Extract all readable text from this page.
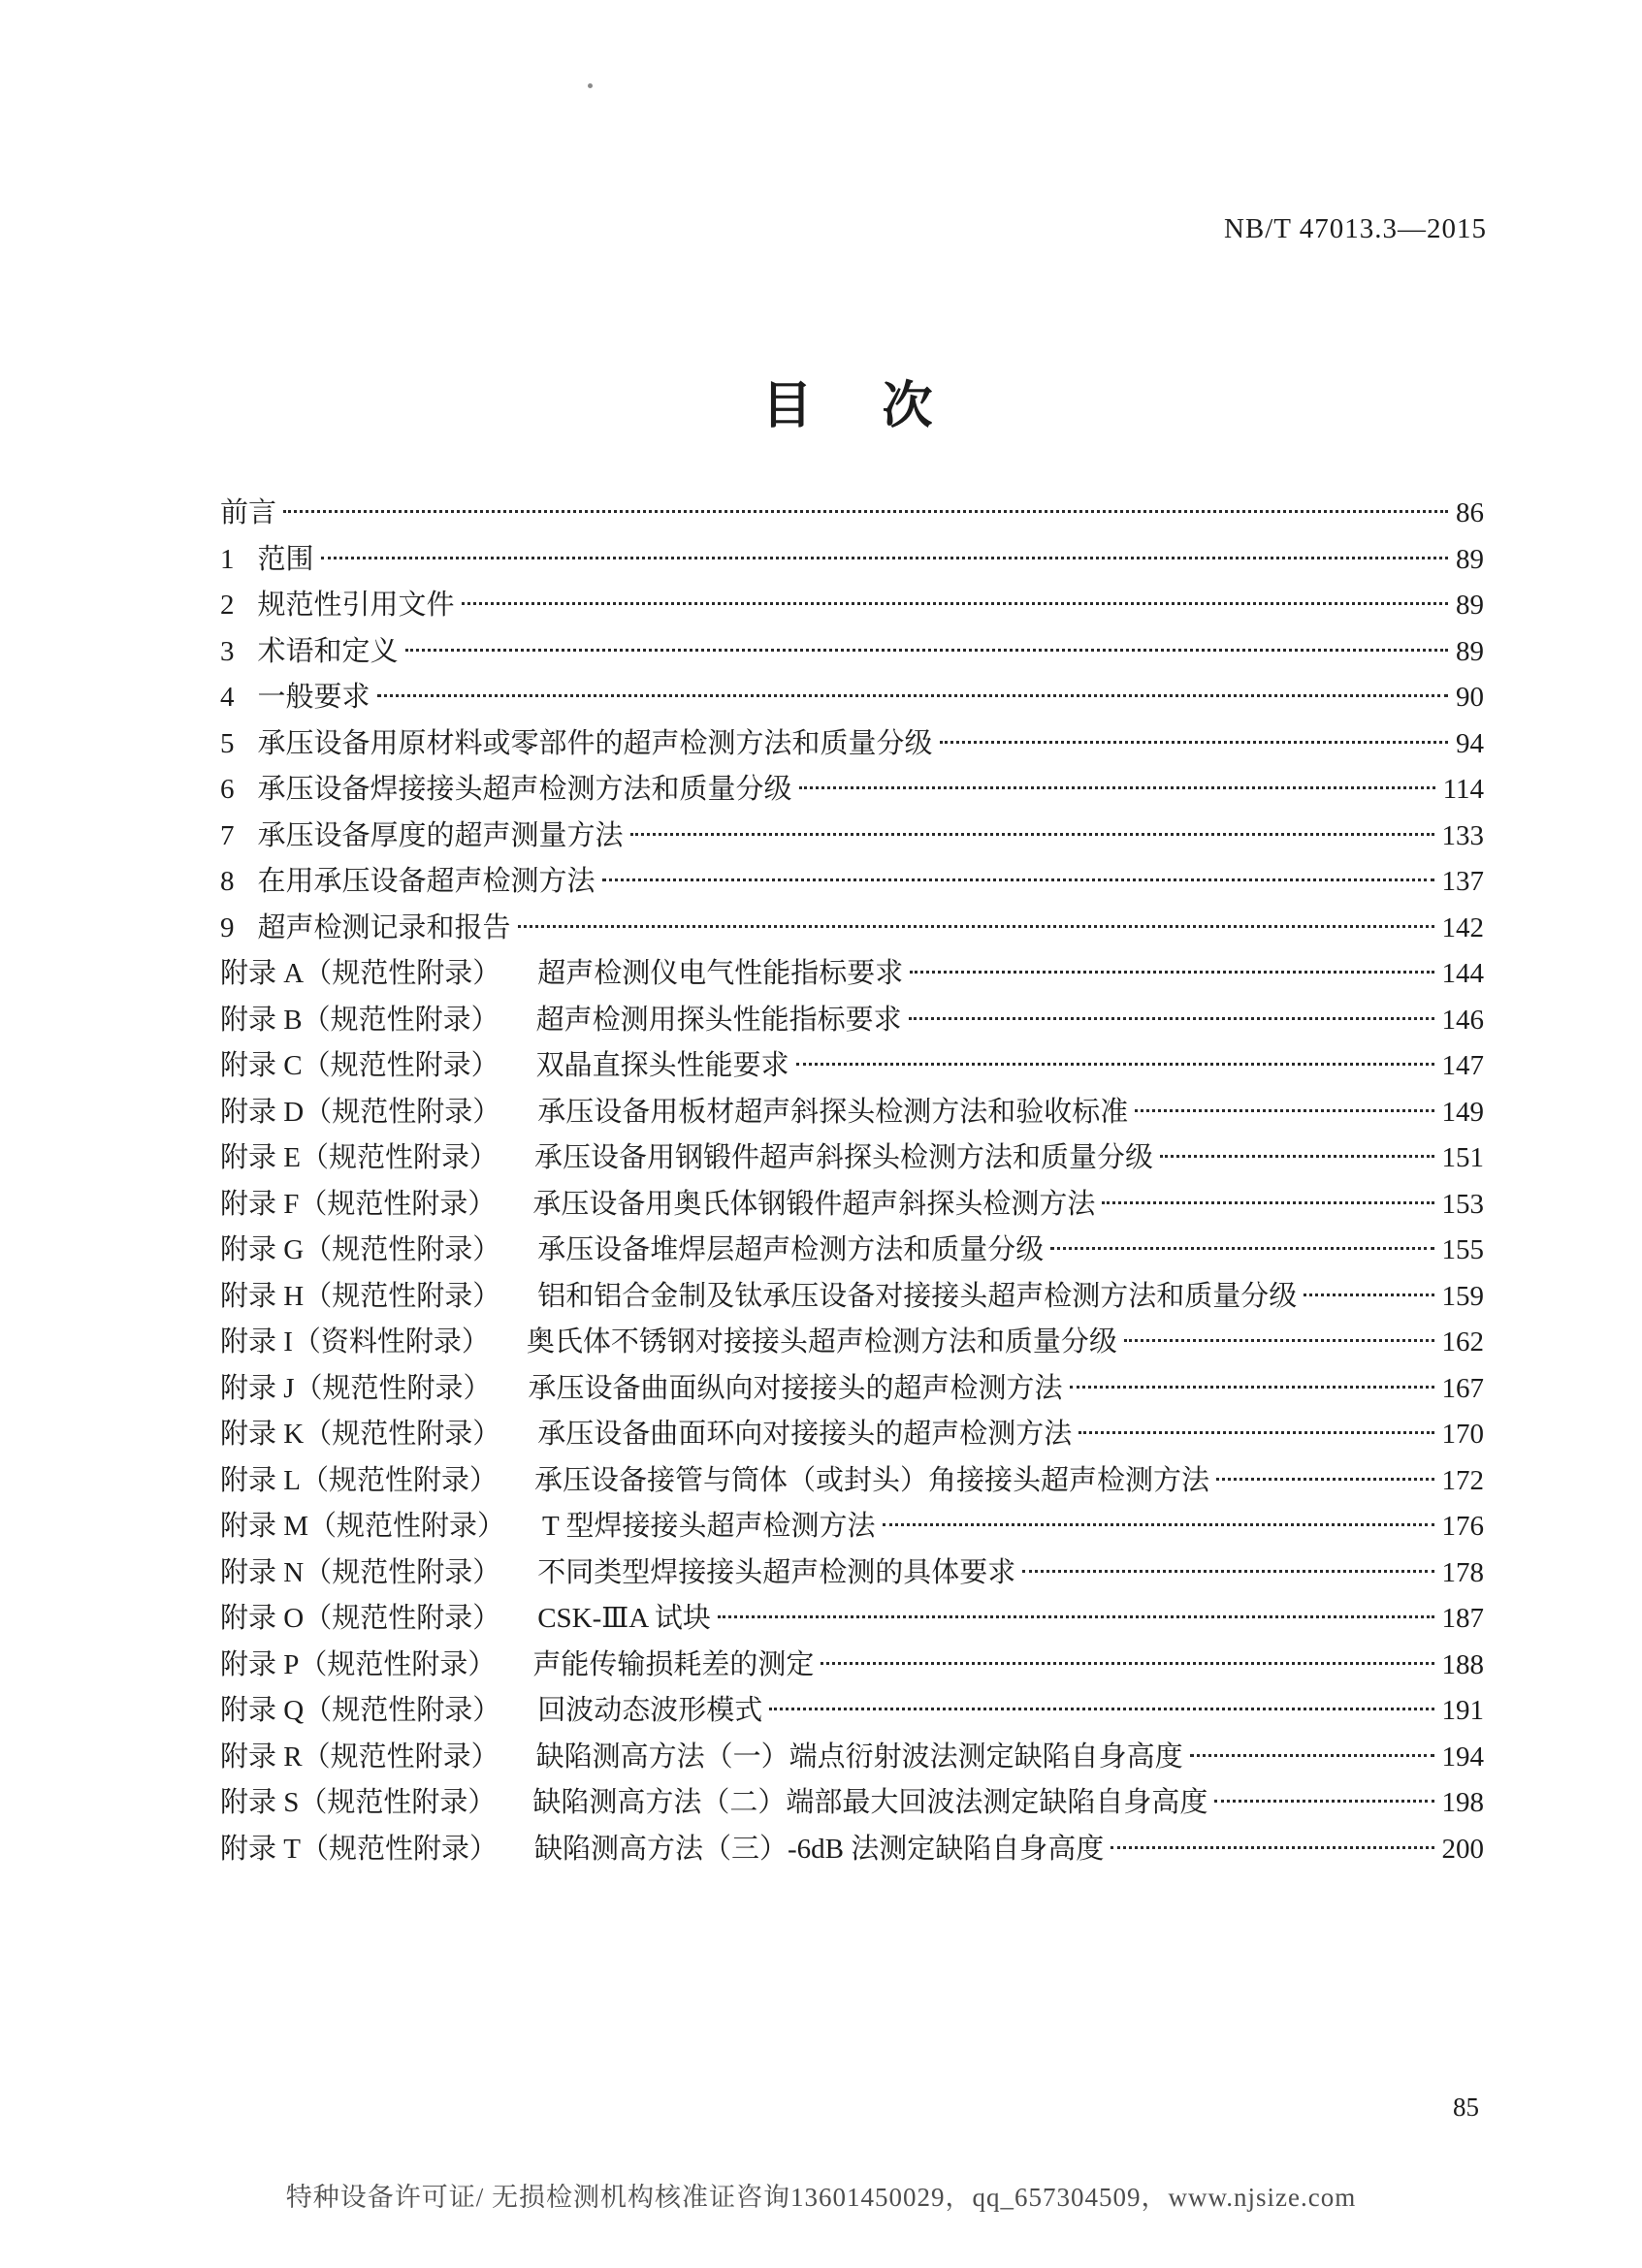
NB/T 47013.3—2015
目　次
前言	86
1 范围	89
2 规范性引用文件	89
3 术语和定义	89
4 一般要求	90
5 承压设备用原材料或零部件的超声检测方法和质量分级	94
6 承压设备焊接接头超声检测方法和质量分级	114
7 承压设备厚度的超声测量方法	133
8 在用承压设备超声检测方法	137
9 超声检测记录和报告	142
附录 A（规范性附录） 超声检测仪电气性能指标要求	144
附录 B（规范性附录） 超声检测用探头性能指标要求	146
附录 C（规范性附录） 双晶直探头性能要求	147
附录 D（规范性附录） 承压设备用板材超声斜探头检测方法和验收标准	149
附录 E（规范性附录） 承压设备用钢锻件超声斜探头检测方法和质量分级	151
附录 F（规范性附录） 承压设备用奥氏体钢锻件超声斜探头检测方法	153
附录 G（规范性附录） 承压设备堆焊层超声检测方法和质量分级	155
附录 H（规范性附录） 铝和铝合金制及钛承压设备对接接头超声检测方法和质量分级	159
附录 I（资料性附录） 奥氏体不锈钢对接接头超声检测方法和质量分级	162
附录 J（规范性附录） 承压设备曲面纵向对接接头的超声检测方法	167
附录 K（规范性附录） 承压设备曲面环向对接接头的超声检测方法	170
附录 L（规范性附录） 承压设备接管与筒体（或封头）角接接头超声检测方法	172
附录 M（规范性附录） T 型焊接接头超声检测方法	176
附录 N（规范性附录） 不同类型焊接接头超声检测的具体要求	178
附录 O（规范性附录） CSK-ⅢA 试块	187
附录 P（规范性附录） 声能传输损耗差的测定	188
附录 Q（规范性附录） 回波动态波形模式	191
附录 R（规范性附录） 缺陷测高方法（一）端点衍射波法测定缺陷自身高度	194
附录 S（规范性附录） 缺陷测高方法（二）端部最大回波法测定缺陷自身高度	198
附录 T（规范性附录） 缺陷测高方法（三）-6dB 法测定缺陷自身高度	200
85
特种设备许可证/ 无损检测机构核准证咨询13601450029，qq_657304509，www.njsize.com
